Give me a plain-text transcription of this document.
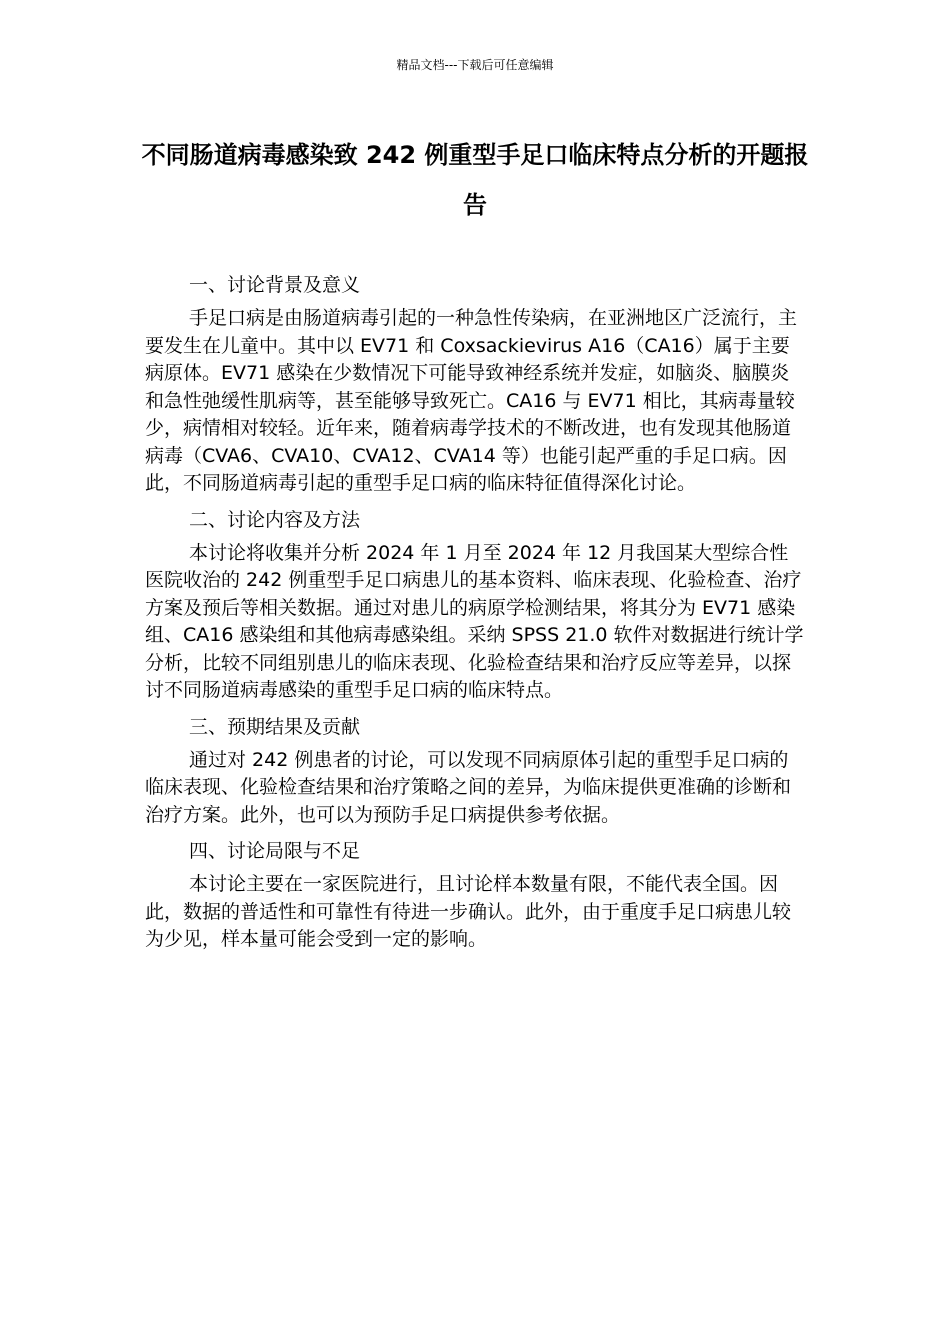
精品文档---下载后可任意编辑
不同肠道病毒感染致 242 例重型手足口临床特点分析的开题报告
一、讨论背景及意义

手足口病是由肠道病毒引起的一种急性传染病，在亚洲地区广泛流行，主要发生在儿童中。其中以 EV71 和 Coxsackievirus A16（CA16）属于主要病原体。EV71 感染在少数情况下可能导致神经系统并发症，如脑炎、脑膜炎和急性弛缓性肌病等，甚至能够导致死亡。CA16 与 EV71 相比，其病毒量较少，病情相对较轻。近年来，随着病毒学技术的不断改进，也有发现其他肠道病毒（CVA6、CVA10、CVA12、CVA14 等）也能引起严重的手足口病。因此，不同肠道病毒引起的重型手足口病的临床特征值得深化讨论。

二、讨论内容及方法

本讨论将收集并分析 2024 年 1 月至 2024 年 12 月我国某大型综合性医院收治的 242 例重型手足口病患儿的基本资料、临床表现、化验检查、治疗方案及预后等相关数据。通过对患儿的病原学检测结果，将其分为 EV71 感染组、CA16 感染组和其他病毒感染组。采纳 SPSS 21.0 软件对数据进行统计学分析，比较不同组别患儿的临床表现、化验检查结果和治疗反应等差异，以探讨不同肠道病毒感染的重型手足口病的临床特点。

三、预期结果及贡献

通过对 242 例患者的讨论，可以发现不同病原体引起的重型手足口病的临床表现、化验检查结果和治疗策略之间的差异，为临床提供更准确的诊断和治疗方案。此外，也可以为预防手足口病提供参考依据。

四、讨论局限与不足

本讨论主要在一家医院进行，且讨论样本数量有限，不能代表全国。因此，数据的普适性和可靠性有待进一步确认。此外，由于重度手足口病患儿较为少见，样本量可能会受到一定的影响。
